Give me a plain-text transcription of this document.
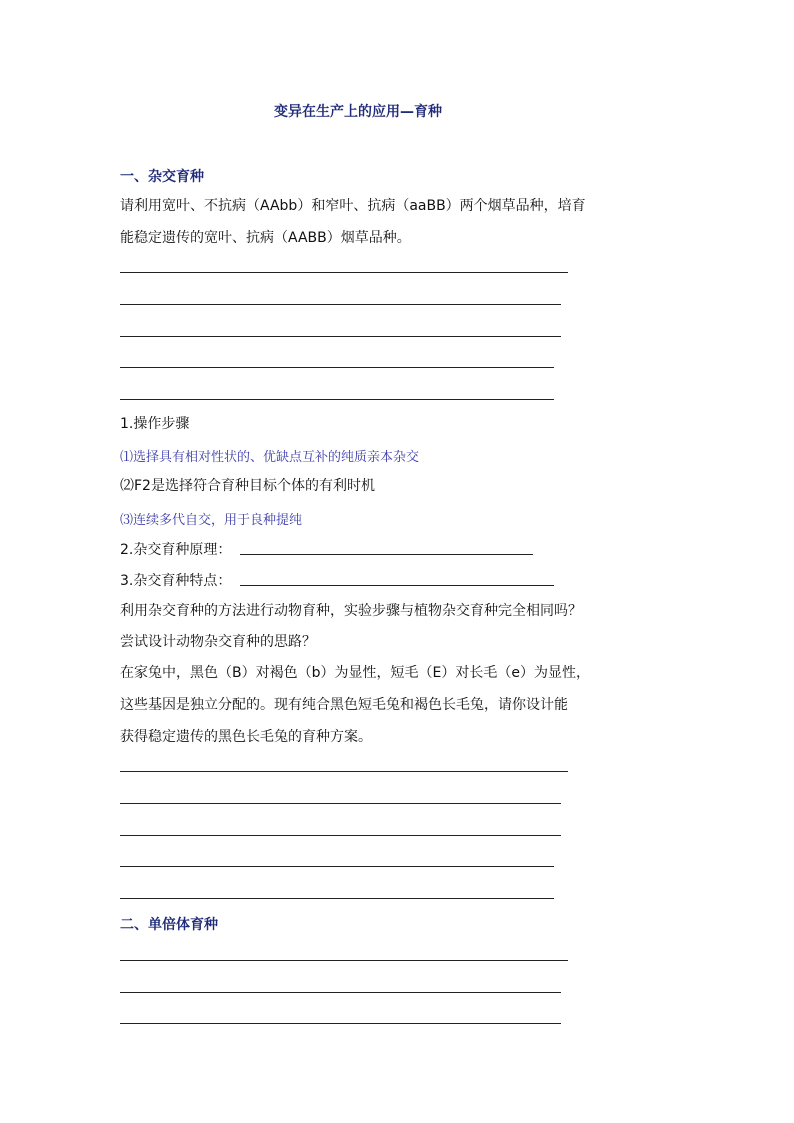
变异在生产上的应用—育种
一、杂交育种
请利用宽叶、不抗病（AAbb）和窄叶、抗病（aaBB）两个烟草品种，培育
能稳定遗传的宽叶、抗病（AABB）烟草品种。
1.操作步骤
⑴选择具有相对性状的、优缺点互补的纯质亲本杂交
⑵F2是选择符合育种目标个体的有利时机
⑶连续多代自交，用于良种提纯
2.杂交育种原理：
3.杂交育种特点：
利用杂交育种的方法进行动物育种，实验步骤与植物杂交育种完全相同吗？
尝试设计动物杂交育种的思路？
在家兔中，黑色（B）对褐色（b）为显性，短毛（E）对长毛（e）为显性，
这些基因是独立分配的。现有纯合黑色短毛兔和褐色长毛兔，请你设计能
获得稳定遗传的黑色长毛兔的育种方案。
二、单倍体育种
